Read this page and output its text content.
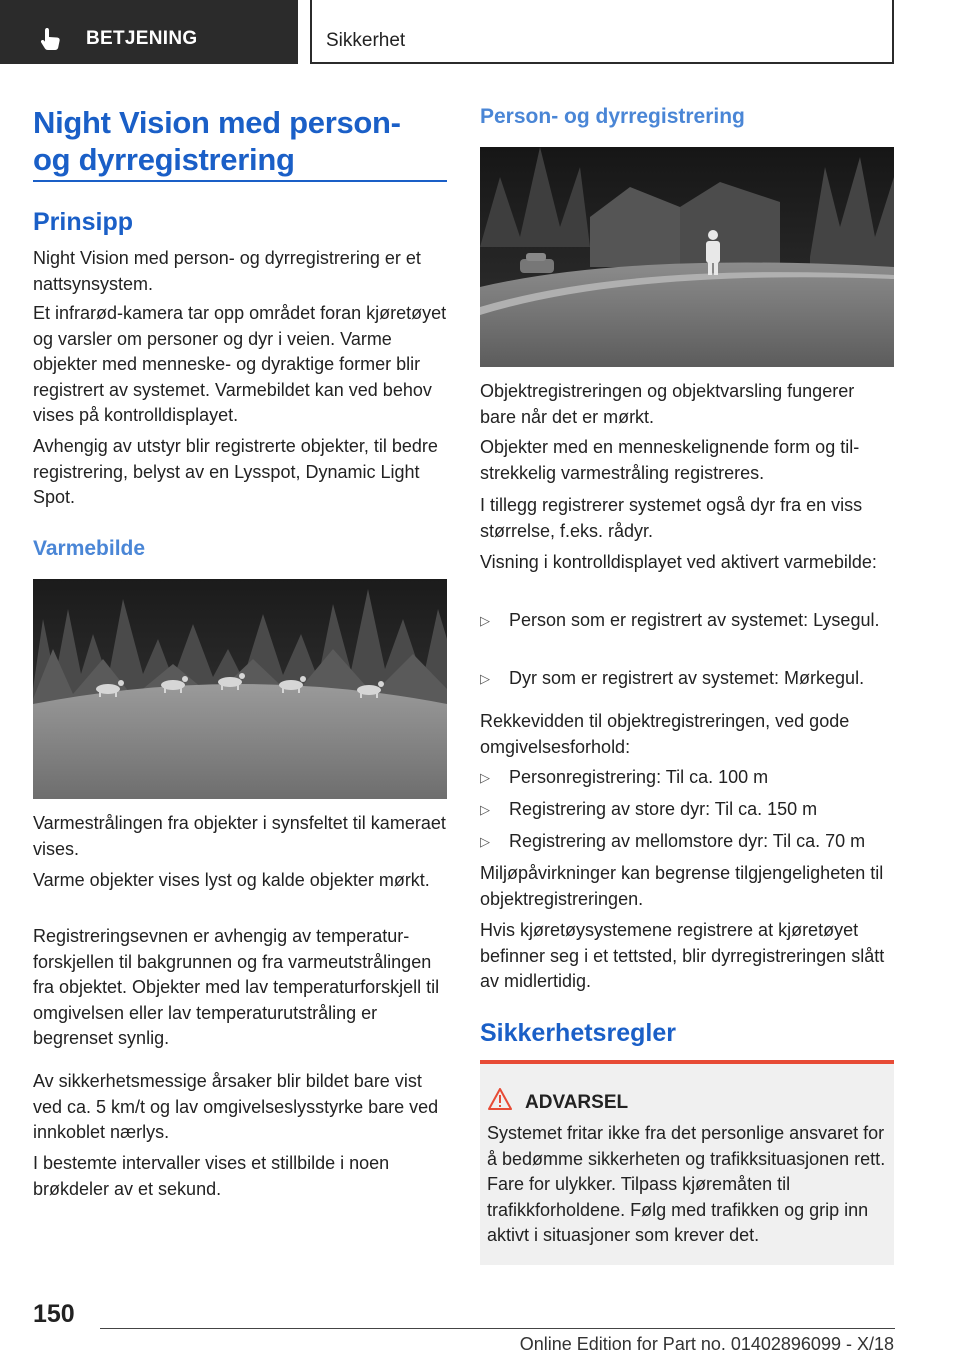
BETJENING	Sikkerhet
Night Vision med person-
og dyrregistrering
Prinsipp

Night Vision med person- og dyrregistrering er et nattsynsystem.

Et infrarød-kamera tar opp området foran kjøretøyet og varsler om personer og dyr i veien. Varme objekter med menneske- og dyraktige former blir registrert av systemet. Varmebildet kan ved behov vises på kontrolldisplayet.

Avhengig av utstyr blir registrerte objekter, til bedre registrering, belyst av en Lysspot, Dynamic Light Spot.

Varmebilde

Varmestrålingen fra objekter i synsfeltet til kameraet vises.

Varme objekter vises lyst og kalde objekter mørkt.

Registreringsevnen er avhengig av temperaturforskjellen til bakgrunnen og fra varmeutstrålingen fra objektet. Objekter med lav temperaturforskjell til omgivelsen eller lav temperaturutstråling er begrenset synlig.

Av sikkerhetsmessige årsaker blir bildet bare vist ved ca. 5 km/t og lav omgivelseslysstyrke bare ved innkoblet nærlys.

I bestemte intervaller vises et stillbilde i noen brøkdeler av et sekund.

Person- og dyrregistrering

Objektregistreringen og objektvarsling fungerer bare når det er mørkt.

Objekter med en menneskelignende form og tilstrekkelig varmestråling registreres.

I tillegg registrerer systemet også dyr fra en viss størrelse, f.eks. rådyr.

Visning i kontrolldisplayet ved aktivert varmebilde:

▷ Person som er registrert av systemet: Lysegul.
▷ Dyr som er registrert av systemet: Mørkegul.

Rekkevidden til objektregistreringen, ved gode omgivelsesforhold:

▷ Personregistrering: Til ca. 100 m
▷ Registrering av store dyr: Til ca. 150 m
▷ Registrering av mellomstore dyr: Til ca. 70 m

Miljøpåvirkninger kan begrense tilgjengeligheten til objektregistreringen.

Hvis kjøretøysystemene registrere at kjøretøyet befinner seg i et tettsted, blir dyrregistreringen slått av midlertidig.

Sikkerhetsregler
ADVARSEL
Systemet fritar ikke fra det personlige ansvaret for å bedømme sikkerheten og trafikksituasjonen rett. Fare for ulykker. Tilpass kjøremåten til trafikkforholdene. Følg med trafikken og grip inn aktivt i situasjoner som krever det.
150
Online Edition for Part no. 01402896099 - X/18
